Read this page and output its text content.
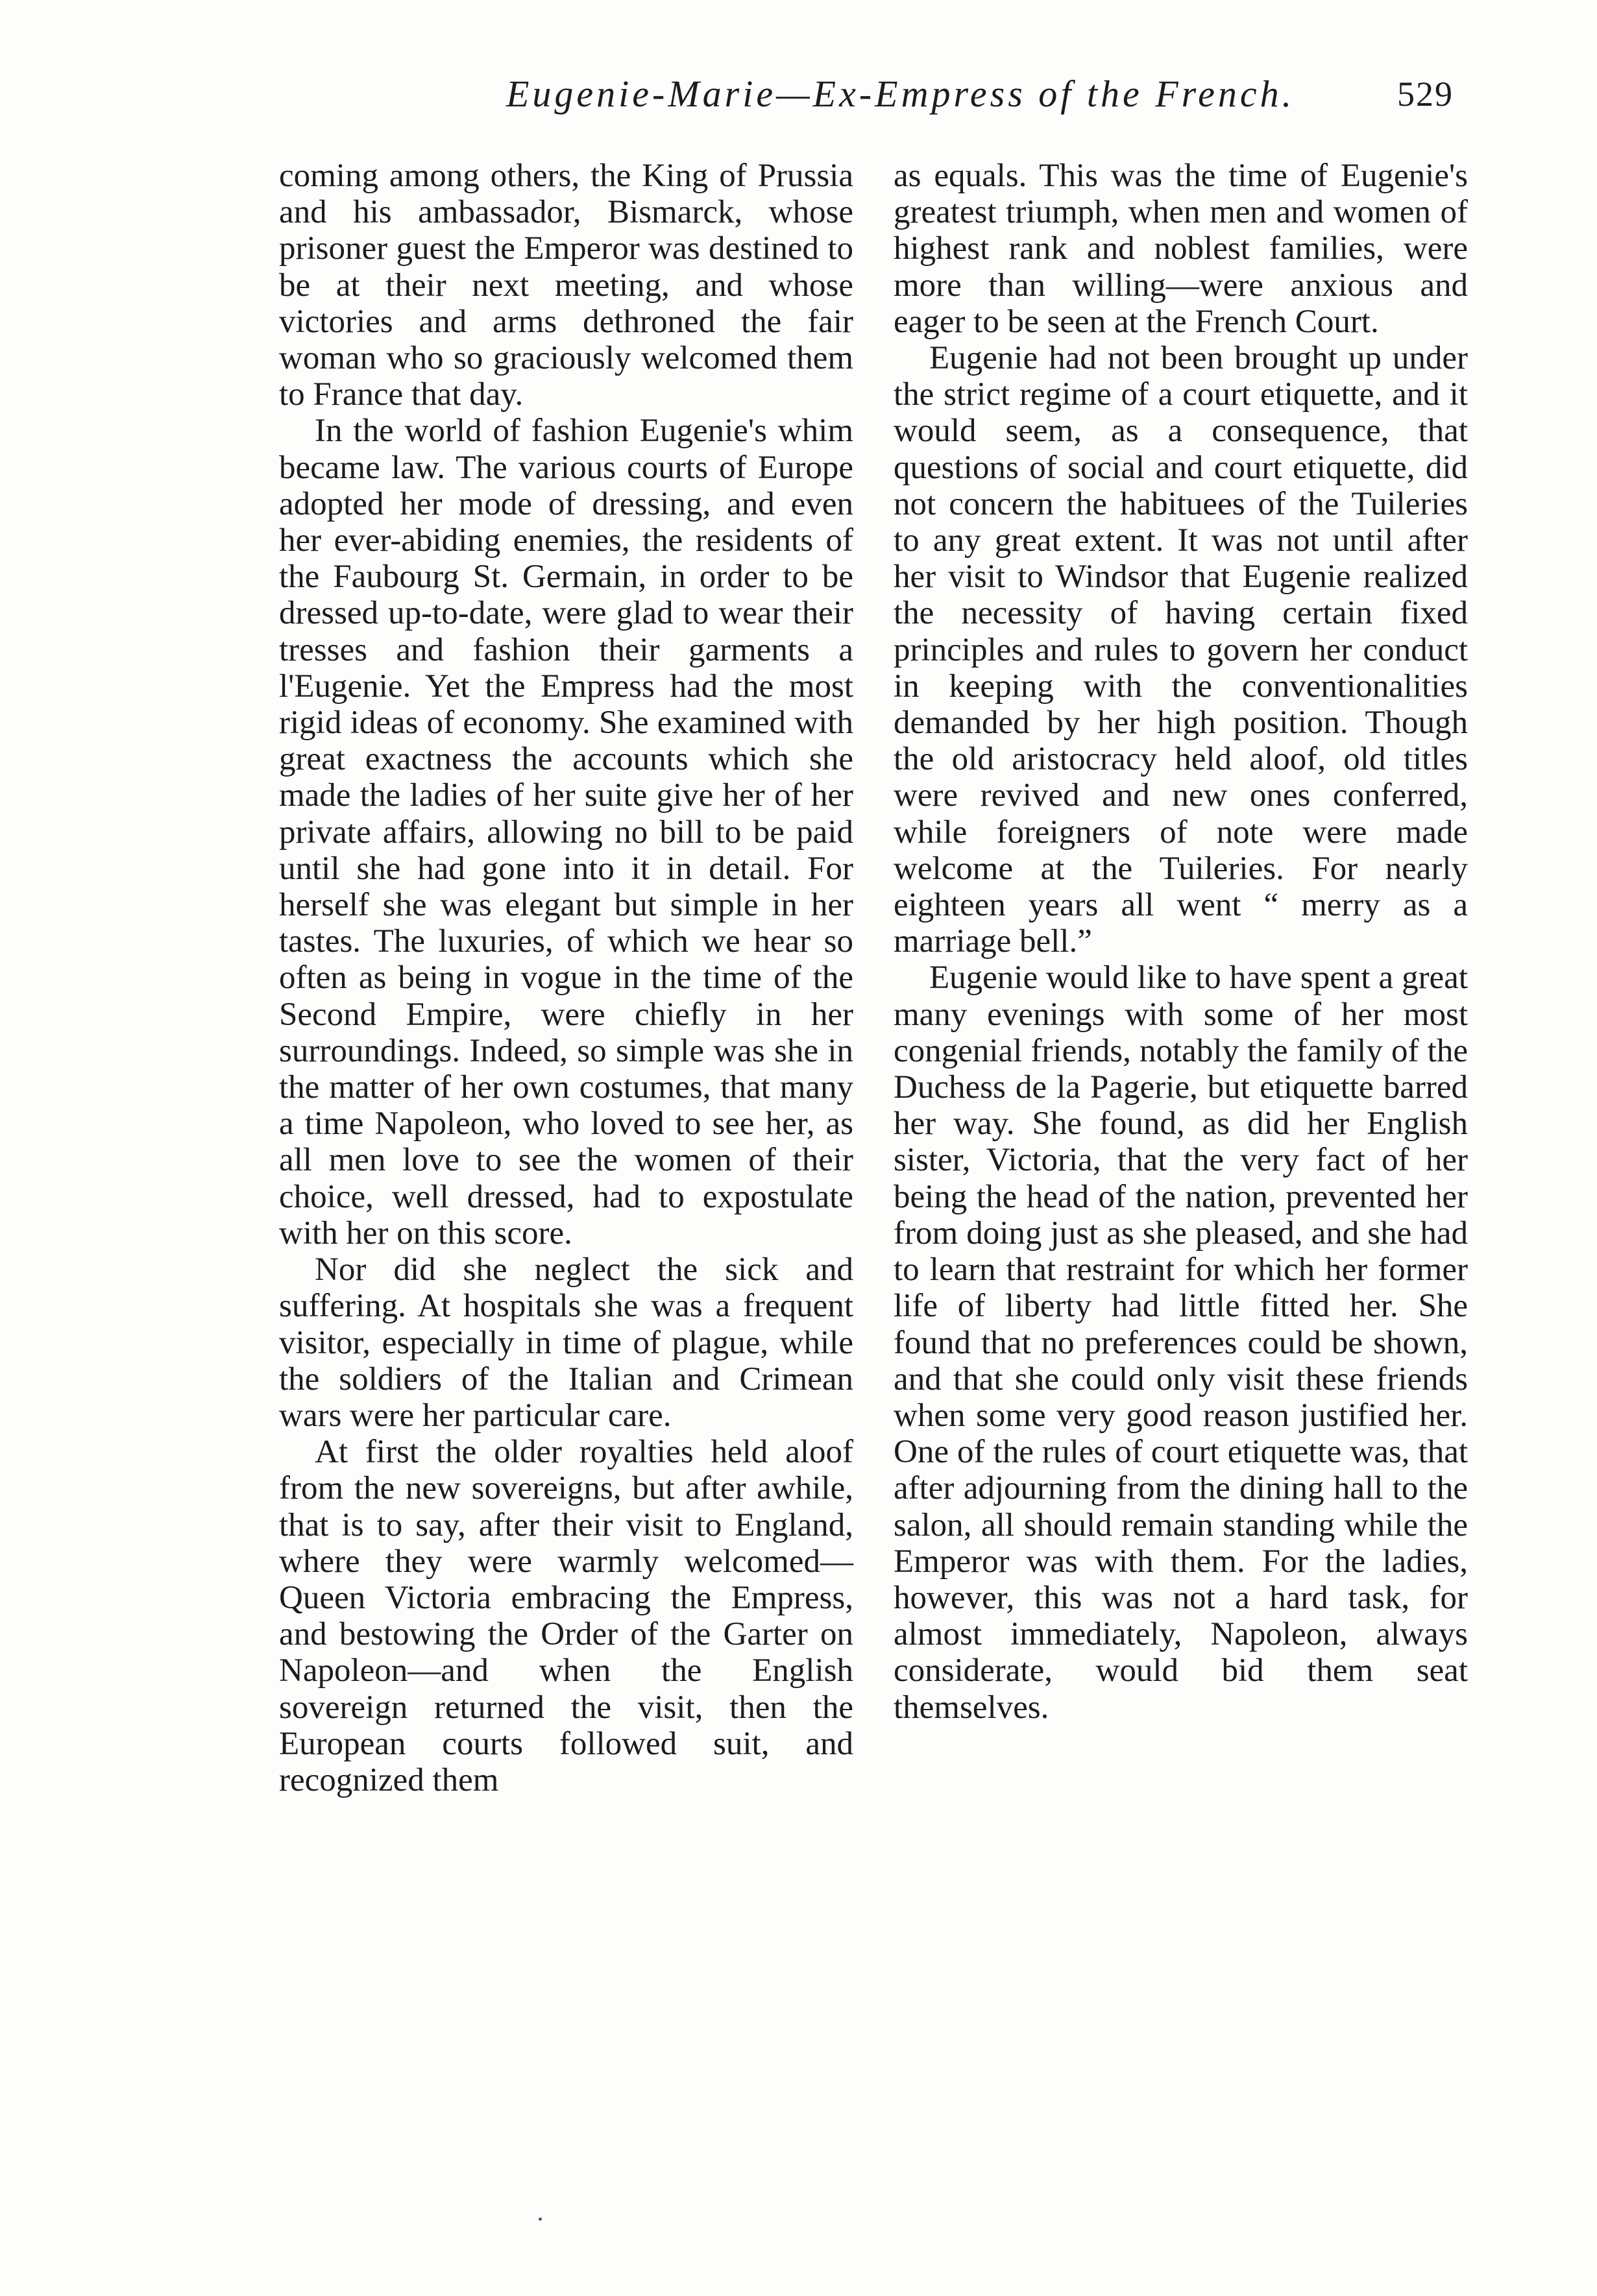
Eugenie-Marie—Ex-Empress of the French.	529

coming among others, the King of Prussia and his ambassador, Bismarck, whose prisoner guest the Emperor was destined to be at their next meeting, and whose victories and arms dethroned the fair woman who so graciously welcomed them to France that day.

In the world of fashion Eugenie's whim became law. The various courts of Europe adopted her mode of dressing, and even her ever-abiding enemies, the residents of the Faubourg St. Germain, in order to be dressed up-to-date, were glad to wear their tresses and fashion their garments a l'Eugenie. Yet the Empress had the most rigid ideas of economy. She examined with great exactness the accounts which she made the ladies of her suite give her of her private affairs, allowing no bill to be paid until she had gone into it in detail. For herself she was elegant but simple in her tastes. The luxuries, of which we hear so often as being in vogue in the time of the Second Empire, were chiefly in her surroundings. Indeed, so simple was she in the matter of her own costumes, that many a time Napoleon, who loved to see her, as all men love to see the women of their choice, well dressed, had to expostulate with her on this score.

Nor did she neglect the sick and suffering. At hospitals she was a frequent visitor, especially in time of plague, while the soldiers of the Italian and Crimean wars were her particular care.

At first the older royalties held aloof from the new sovereigns, but after awhile, that is to say, after their visit to England, where they were warmly welcomed—Queen Victoria embracing the Empress, and bestowing the Order of the Garter on Napoleon—and when the English sovereign returned the visit, then the European courts followed suit, and recognized them

as equals. This was the time of Eugenie's greatest triumph, when men and women of highest rank and noblest families, were more than willing—were anxious and eager to be seen at the French Court.

Eugenie had not been brought up under the strict regime of a court etiquette, and it would seem, as a consequence, that questions of social and court etiquette, did not concern the habituees of the Tuileries to any great extent. It was not until after her visit to Windsor that Eugenie realized the necessity of having certain fixed principles and rules to govern her conduct in keeping with the conventionalities demanded by her high position. Though the old aristocracy held aloof, old titles were revived and new ones conferred, while foreigners of note were made welcome at the Tuileries. For nearly eighteen years all went “ merry as a marriage bell.”

Eugenie would like to have spent a great many evenings with some of her most congenial friends, notably the family of the Duchess de la Pagerie, but etiquette barred her way. She found, as did her English sister, Victoria, that the very fact of her being the head of the nation, prevented her from doing just as she pleased, and she had to learn that restraint for which her former life of liberty had little fitted her. She found that no preferences could be shown, and that she could only visit these friends when some very good reason justified her. One of the rules of court etiquette was, that after adjourning from the dining hall to the salon, all should remain standing while the Emperor was with them. For the ladies, however, this was not a hard task, for almost immediately, Napoleon, always considerate, would bid them seat themselves.
